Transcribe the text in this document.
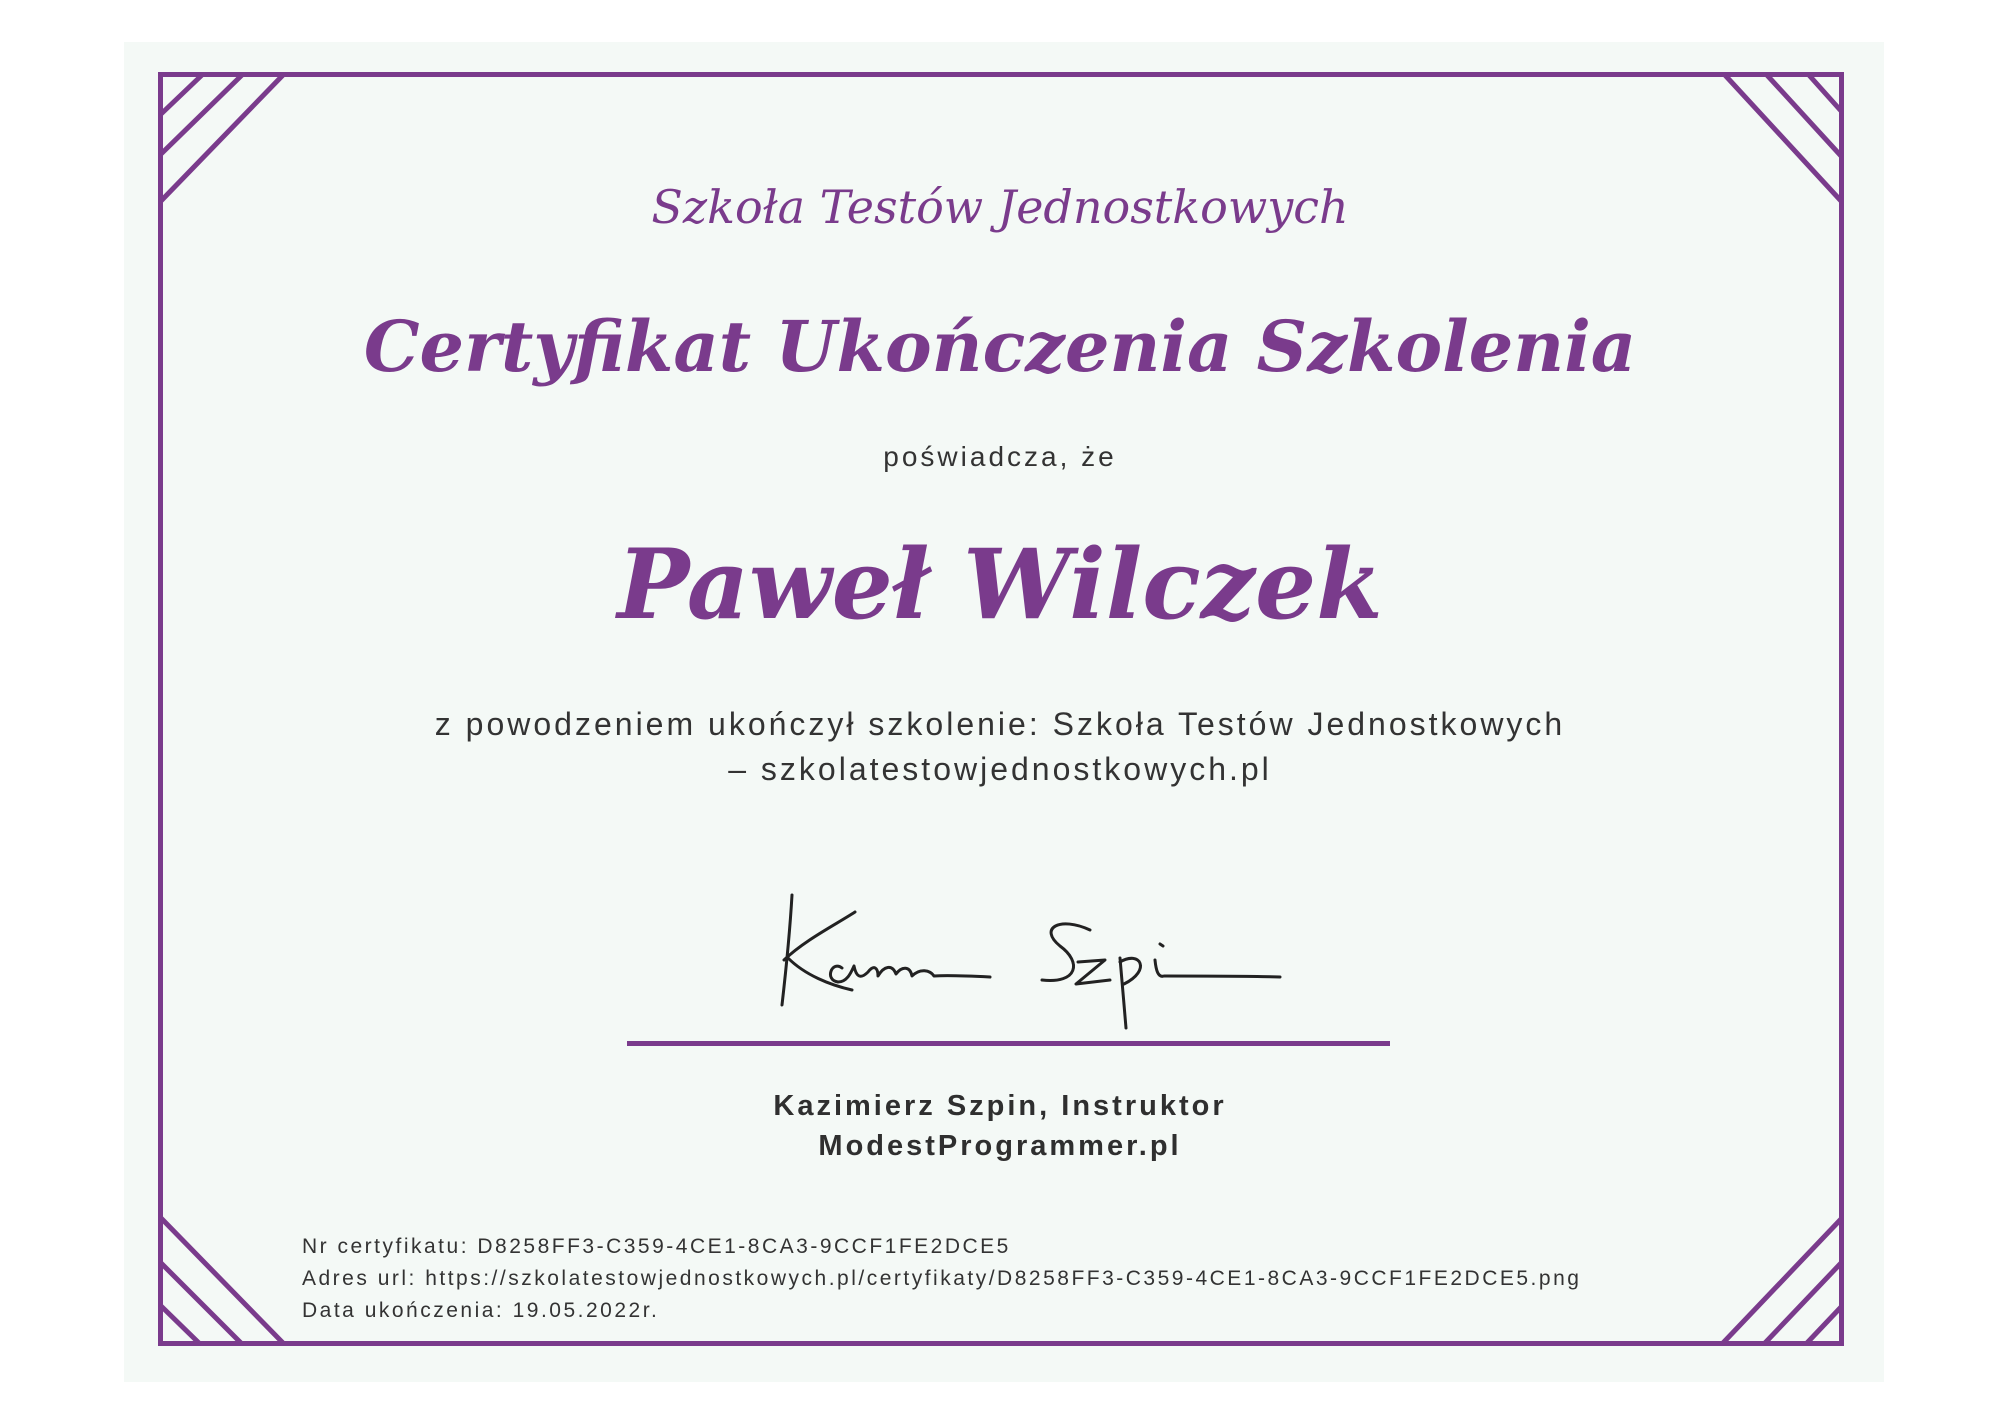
Szkoła Testów Jednostkowych
Certyfikat Ukończenia Szkolenia
poświadcza, że
Paweł Wilczek
z powodzeniem ukończył szkolenie: Szkoła Testów Jednostkowych
– szkolatestowjednostkowych.pl
Kazimierz Szpin, Instruktor
ModestProgrammer.pl
Nr certyfikatu: D8258FF3-C359-4CE1-8CA3-9CCF1FE2DCE5
Adres url: https://szkolatestowjednostkowych.pl/certyfikaty/D8258FF3-C359-4CE1-8CA3-9CCF1FE2DCE5.png
Data ukończenia: 19.05.2022r.
